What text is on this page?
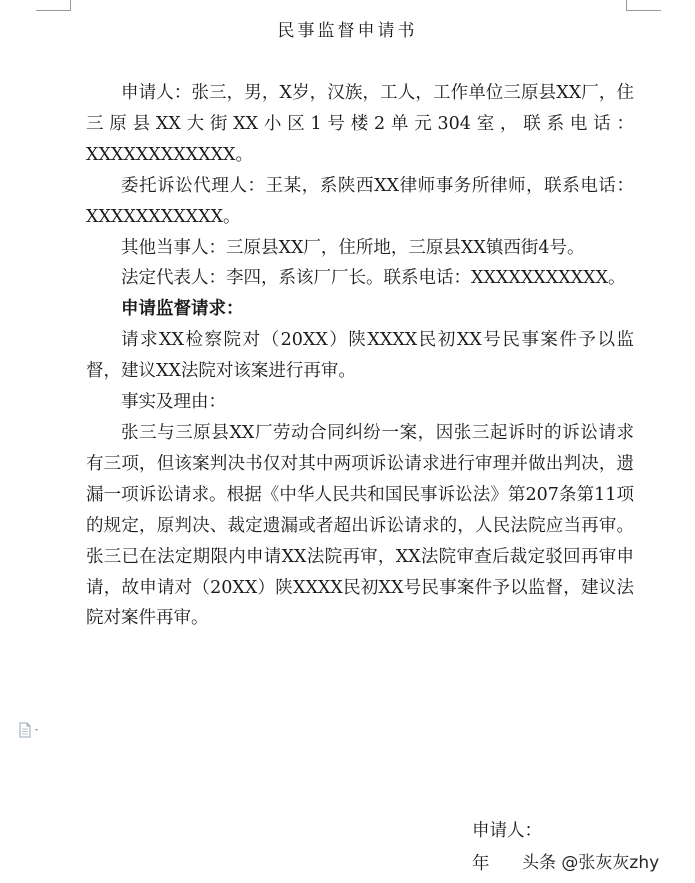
民事监督申请书

申请人：张三，男，X岁，汉族，工人，工作单位三原县XX厂，住三原县XX大街XX小区1号楼2单元304室，联系电话：XXXXXXXXXXXX。

委托诉讼代理人：王某，系陕西XX律师事务所律师，联系电话：XXXXXXXXXXX。

其他当事人：三原县XX厂，住所地，三原县XX镇西街4号。

法定代表人：李四，系该厂厂长。联系电话：XXXXXXXXXXX。

申请监督请求：

请求XX检察院对（20XX）陕XXXX民初XX号民事案件予以监督，建议XX法院对该案进行再审。

事实及理由：

张三与三原县XX厂劳动合同纠纷一案，因张三起诉时的诉讼请求有三项，但该案判决书仅对其中两项诉讼请求进行审理并做出判决，遗漏一项诉讼请求。根据《中华人民共和国民事诉讼法》第207条第11项的规定，原判决、裁定遗漏或者超出诉讼请求的，人民法院应当再审。张三已在法定期限内申请XX法院再审，XX法院审查后裁定驳回再审申请，故申请对（20XX）陕XXXX民初XX号民事案件予以监督，建议法院对案件再审。

申请人：
年 头条 @张灰灰zhy
